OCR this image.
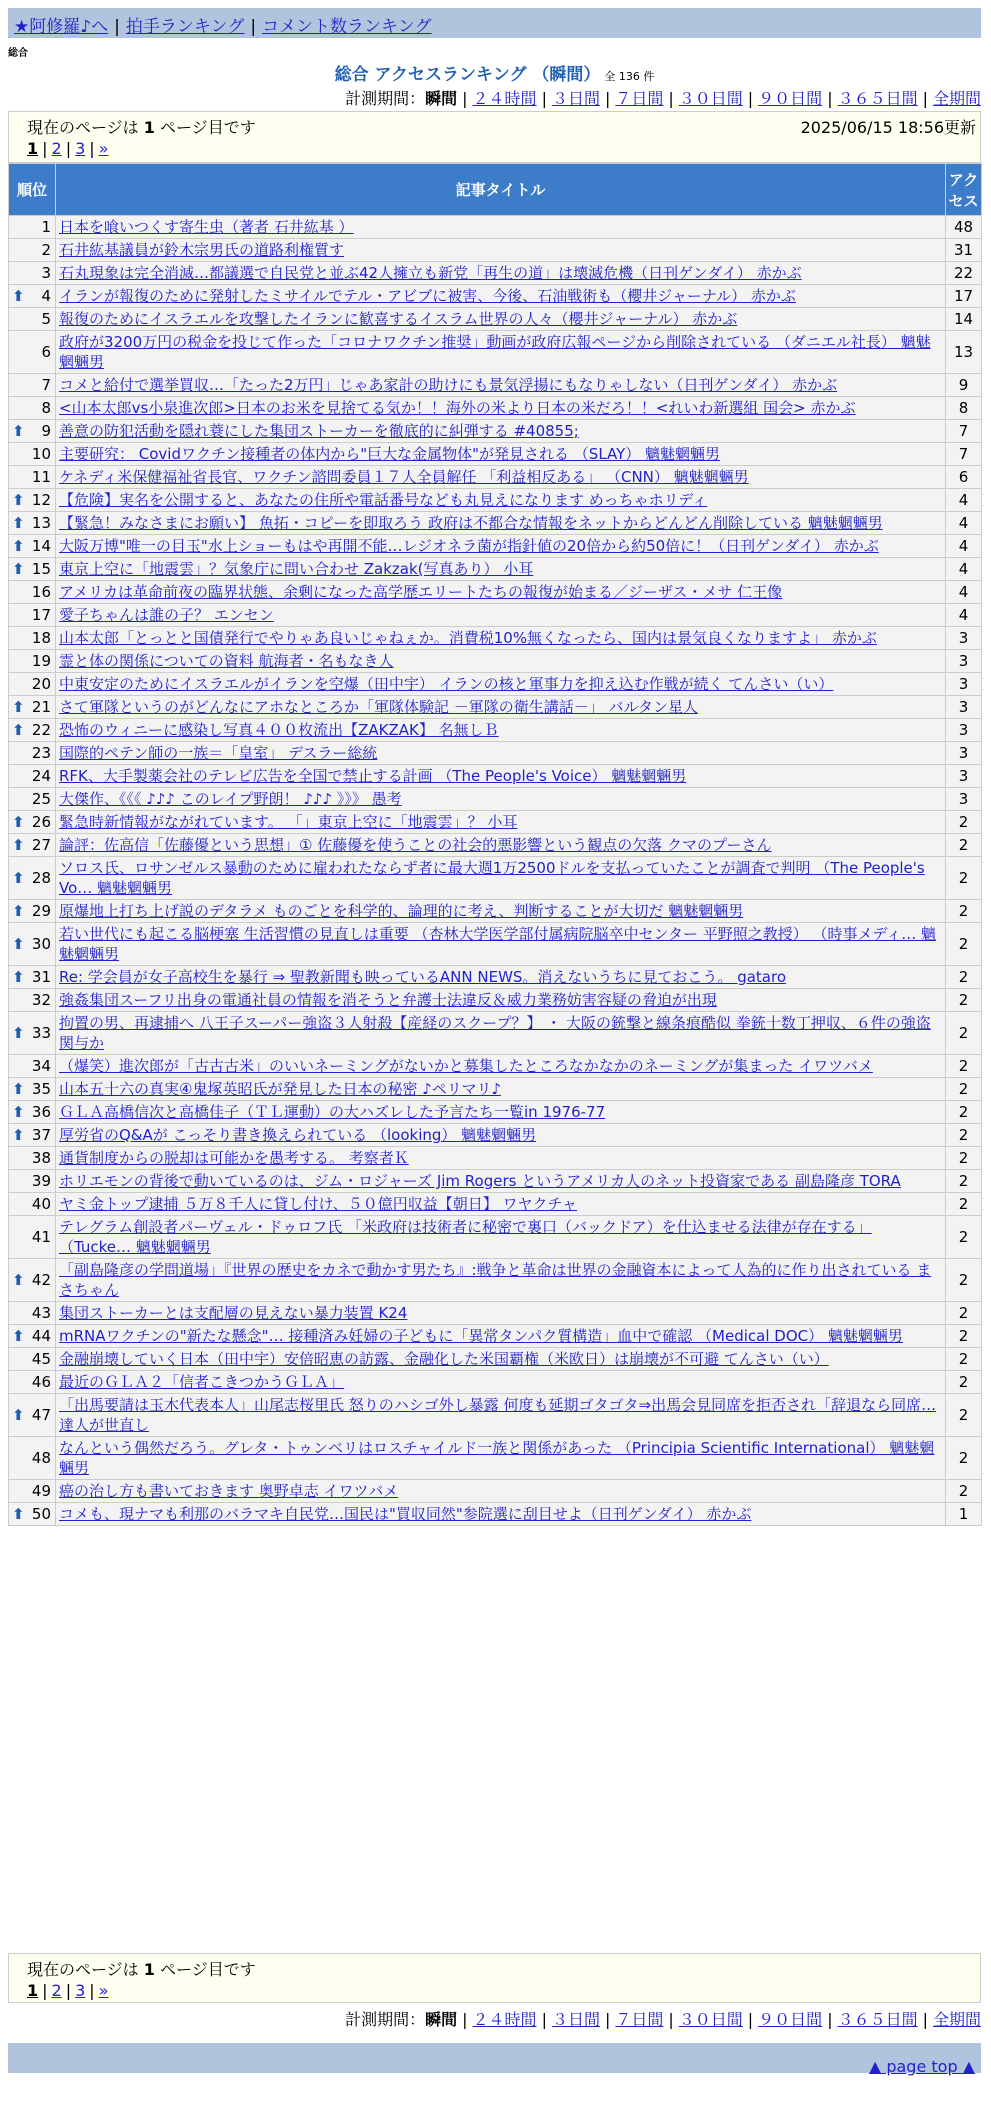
★阿修羅♪へ | 拍手ランキング | コメント数ランキング
総合
総合 アクセスランキング （瞬間） 全 136 件
計測期間：瞬間 | ２４時間 | ３日間 | ７日間 | ３０日間 | ９０日間 | ３６５日間 | 全期間
現在のページは 1 ページ目です	2025/06/15 18:56更新
1 | 2 | 3 | »
順位	記事タイトル	アクセス
1	日本を喰いつくす寄生虫（著者 石井紘基 ）	48
2	石井紘基議員が鈴木宗男氏の道路利権質す	31
3	石丸現象は完全消滅…都議選で自民党と並ぶ42人擁立も新党「再生の道」は壊滅危機（日刊ゲンダイ） 赤かぶ	22

⬆ 4	イランが報復のために発射したミサイルでテル・アビブに被害、今後、石油戦術も（櫻井ジャーナル） 赤かぶ	17
5	報復のためにイスラエルを攻撃したイランに歓喜するイスラム世界の人々（櫻井ジャーナル） 赤かぶ	14
6	政府が3200万円の税金を投じて作った「コロナワクチン推奨」動画が政府広報ページから削除されている （ダニエル社長） 魑魅魍魎男	13
7	コメと給付で選挙買収…「たった2万円」じゃあ家計の助けにも景気浮揚にもなりゃしない（日刊ゲンダイ） 赤かぶ	9
8	<山本太郎vs小泉進次郎>日本のお米を見捨てる気か！！海外の米より日本の米だろ！！<れいわ新選組 国会> 赤かぶ	8

⬆ 9	善意の防犯活動を隠れ蓑にした集団ストーカーを徹底的に糾弾する #40855;	7
10	主要研究： Covidワクチン接種者の体内から"巨大な金属物体"が発見される （SLAY） 魑魅魍魎男	7
11	ケネディ米保健福祉省長官、ワクチン諮問委員１７人全員解任 「利益相反ある」 （CNN） 魑魅魍魎男	6

⬆ 12	【危険】実名を公開すると、あなたの住所や電話番号なども丸見えになります めっちゃホリディ	4

⬆ 13	【緊急！みなさまにお願い】 魚拓・コピーを即取ろう 政府は不都合な情報をネットからどんどん削除している 魑魅魍魎男	4

⬆ 14	大阪万博"唯一の目玉"水上ショーもはや再開不能…レジオネラ菌が指針値の20倍から約50倍に！（日刊ゲンダイ） 赤かぶ	4

⬆ 15	東京上空に「地震雲」？気象庁に問い合わせ Zakzak(写真あり） 小耳	4
16	アメリカは革命前夜の臨界状態、余剰になった高学歴エリートたちの報復が始まる／ジーザス・メサ 仁王像	4
17	愛子ちゃんは誰の子？ エンセン	4
18	山本太郎「とっとと国債発行でやりゃあ良いじゃねぇか。消費税10%無くなったら、国内は景気良くなりますよ」 赤かぶ	3
19	霊と体の関係についての資料 航海者・名もなき人	3
20	中東安定のためにイスラエルがイランを空爆（田中宇） イランの核と軍事力を抑え込む作戦が続く てんさい（い）	3

⬆ 21	さて軍隊というのがどんなにアホなところか「軍隊体験記 －軍隊の衛生講話－」 バルタン星人	3

⬆ 22	恐怖のウィニーに感染し写真４００枚流出【ZAKZAK】 名無しＢ	3
23	国際的ペテン師の一族＝「皇室」 デスラー総統	3
24	RFK、大手製薬会社のテレビ広告を全国で禁止する計画 （The People's Voice） 魑魅魍魎男	3
25	大傑作、《《《 ♪♪♪ このレイプ野朗！ ♪♪♪ 》》》 愚考	3

⬆ 26	緊急時新情報がながれています。 「」東京上空に「地震雲」？ 小耳	2

⬆ 27	論評：佐高信「佐藤優という思想」① 佐藤優を使うことの社会的悪影響という観点の欠落 クマのプーさん	2

⬆ 28	ソロス氏、ロサンゼルス暴動のために雇われたならず者に最大週1万2500ドルを支払っていたことが調査で判明 （The People's Vo… 魑魅魍魎男	2

⬆ 29	原爆地上打ち上げ説のデタラメ ものごとを科学的、論理的に考え、判断することが大切だ 魑魅魍魎男	2

⬆ 30	若い世代にも起こる脳梗塞 生活習慣の見直しは重要 （杏林大学医学部付属病院脳卒中センター 平野照之教授） （時事メディ… 魑魅魍魎男	2

⬆ 31	Re: 学会員が女子高校生を暴行 ⇒ 聖教新聞も映っているANN NEWS。消えないうちに見ておこう。 gataro	2
32	強姦集団スーフリ出身の電通社員の情報を消そうと弁護士法違反＆威力業務妨害容疑の脅迫が出現	2

⬆ 33	拘置の男、再逮捕へ 八王子スーパー強盗３人射殺【産経のスクープ？】 ・ 大阪の銃撃と線条痕酷似 拳銃十数丁押収、６件の強盗関与か	2
34	（爆笑）進次郎が「古古古米」のいいネーミングがないかと募集したところなかなかのネーミングが集まった イワツバメ	2

⬆ 35	山本五十六の真実④鬼塚英昭氏が発見した日本の秘密 ♪ペリマリ♪	2

⬆ 36	ＧＬＡ高橋信次と高橋佳子（ＴＬ運動）の大ハズレした予言たち一覧in 1976-77	2

⬆ 37	厚労省のQ&Aが こっそり書き換えられている （looking） 魑魅魍魎男	2
38	通貨制度からの脱却は可能かを愚考する。 考察者Ｋ	2
39	ホリエモンの背後で動いているのは、ジム・ロジャーズ Jim Rogers というアメリカ人のネット投資家である 副島隆彦 TORA	2
40	ヤミ金トップ逮捕 ５万８千人に貸し付け、５０億円収益【朝日】 ワヤクチャ	2
41	テレグラム創設者パーヴェル・ドゥロフ氏 「米政府は技術者に秘密で裏口（バックドア）を仕込ませる法律が存在する」 （Tucke… 魑魅魍魎男	2

⬆ 42	「副島隆彦の学問道場」『世界の歴史をカネで動かす男たち』:戦争と革命は世界の金融資本によって人為的に作り出されている まさちゃん	2
43	集団ストーカーとは支配層の見えない暴力装置 K24	2

⬆ 44	mRNAワクチンの"新たな懸念"… 接種済み妊婦の子どもに「異常タンパク質構造」血中で確認 （Medical DOC） 魑魅魍魎男	2
45	金融崩壊していく日本（田中宇）安倍昭恵の訪露、金融化した米国覇権（米欧日）は崩壊が不可避 てんさい（い）	2
46	最近のＧＬＡ２「信者こきつかうＧＬＡ」	2

⬆ 47	「出馬要請は玉木代表本人」山尾志桜里氏 怒りのハシゴ外し暴露 何度も延期ゴタゴタ⇒出馬会見同席を拒否され「辞退なら同席… 達人が世直し	2
48	なんという偶然だろう。グレタ・トゥンベリはロスチャイルド一族と関係があった （Principia Scientific International） 魑魅魍魎男	2
49	癌の治し方も書いておきます 奥野卓志 イワツバメ	2

⬆ 50	コメも、現ナマも利那のバラマキ自民党…国民は"買収同然"参院選に刮目せよ（日刊ゲンダイ） 赤かぶ	1
現在のページは 1 ページ目です
1 | 2 | 3 | »
計測期間：瞬間 | ２４時間 | ３日間 | ７日間 | ３０日間 | ９０日間 | ３６５日間 | 全期間
▲ page top ▲
